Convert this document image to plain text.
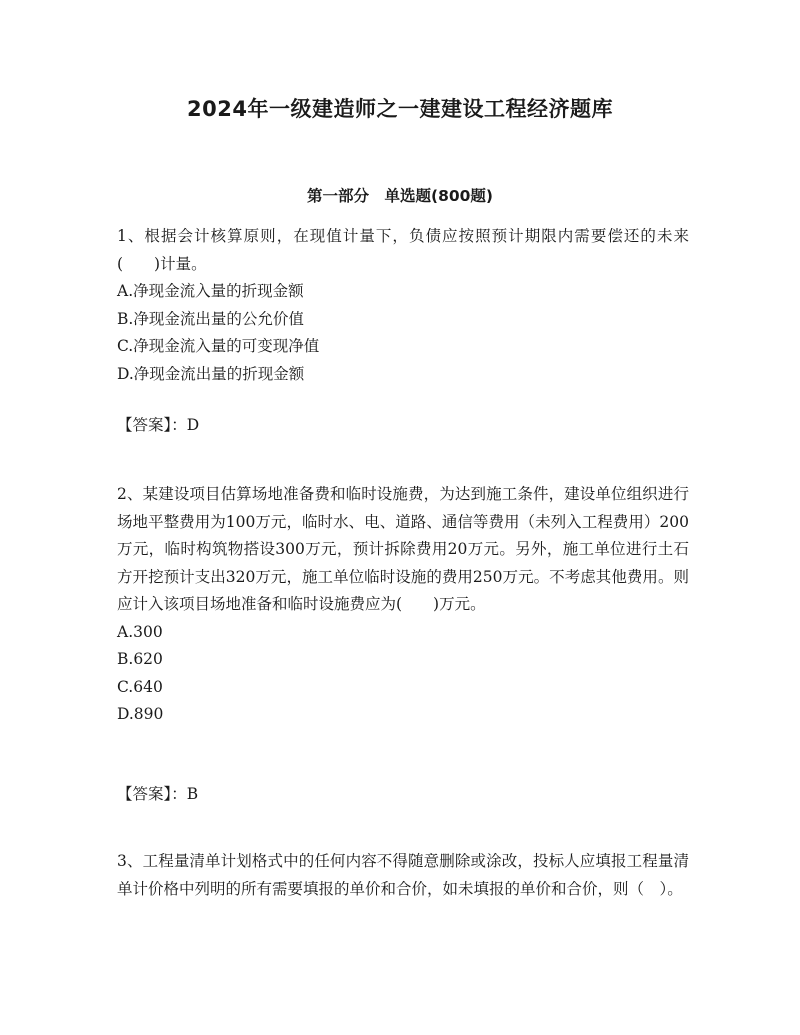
2024年一级建造师之一建建设工程经济题库
第一部分　单选题(800题)

1、根据会计核算原则，在现值计量下，负债应按照预计期限内需要偿还的未来(　　)计量。

A.净现金流入量的折现金额
B.净现金流出量的公允价值
C.净现金流入量的可变现净值
D.净现金流出量的折现金额
【答案】：D

2、某建设项目估算场地准备费和临时设施费，为达到施工条件，建设单位组织进行场地平整费用为100万元，临时水、电、道路、通信等费用（未列入工程费用）200万元，临时构筑物搭设300万元，预计拆除费用20万元。另外，施工单位进行土石方开挖预计支出320万元，施工单位临时设施的费用250万元。不考虑其他费用。则应计入该项目场地准备和临时设施费应为(　　)万元。

A.300
B.620
C.640
D.890
【答案】：B

3、工程量清单计划格式中的任何内容不得随意删除或涂改，投标人应填报工程量清单计价格中列明的所有需要填报的单价和合价，如未填报的单价和合价，则（　）。
